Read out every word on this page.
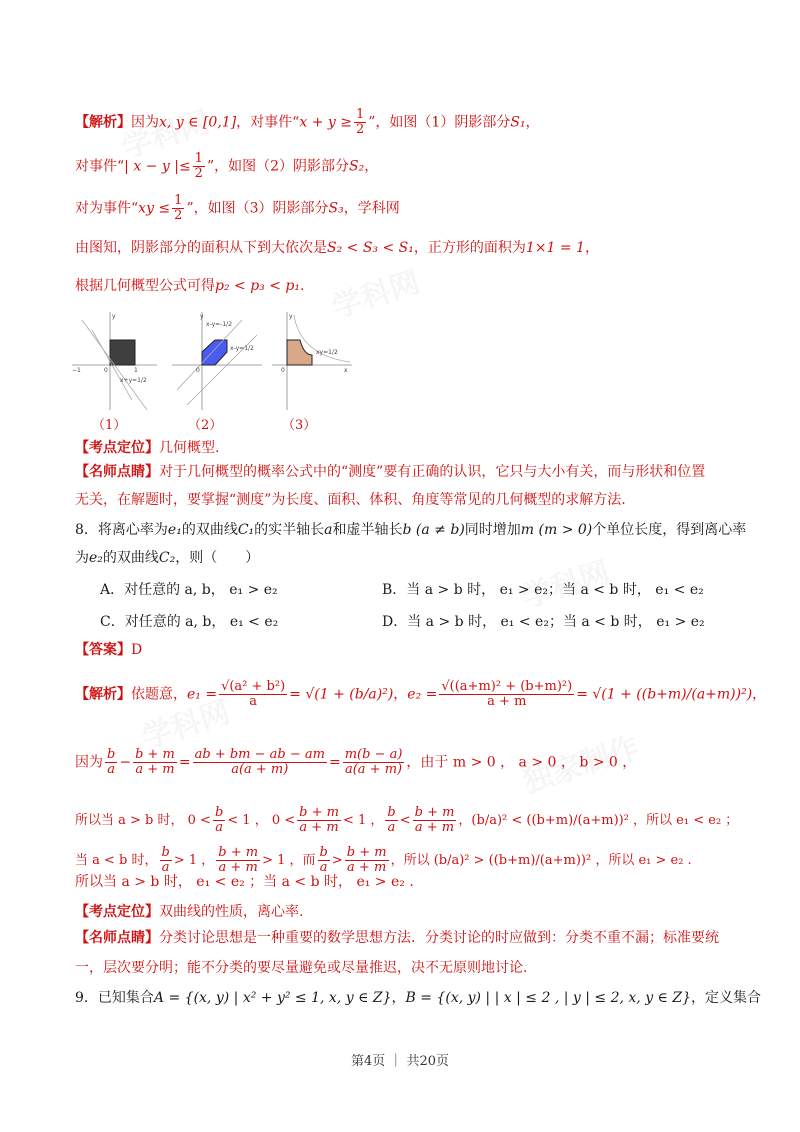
【解析】因为x, y ∈ [0,1]，对事件“$x + y \ge \frac{1}{2}$ ”，如图（1）阴影部分S₁，
对事件“| x − y |≤ $\frac{1}{2}$ ”，如图（2）阴影部分S₂，
对为事件“xy ≤ $\frac{1}{2}$ ”，如图（3）阴影部分S₃，学科网
由图知，阴影部分的面积从下到大依次是S₂ < S₃ < S₁，正方形的面积为1×1 = 1，
根据几何概型公式可得p₂ < p₃ < p₁.
−1	0	1
y
x+y=1/2
y
x-y=-1/2
x-y=1/2
0
y
xy=1/2
0	x
（1）	（2）	（3）
【考点定位】几何概型.
【名师点睛】对于几何概型的概率公式中的“测度”要有正确的认识，它只与大小有关，而与形状和位置
无关，在解题时，要掌握“测度”为长度、面积、体积、角度等常见的几何概型的求解方法.
8．将离心率为e₁的双曲线C₁的实半轴长a和虚半轴长b (a ≠ b)同时增加m (m > 0)个单位长度，得到离心率
为e₂的双曲线C₂，则（　　）
A．对任意的 a, b， e₁ > e₂	B．当 a > b 时， e₁ > e₂；当 a < b 时， e₁ < e₂
C．对任意的 a, b， e₁ < e₂	D．当 a > b 时， e₁ < e₂；当 a < b 时， e₁ > e₂
【答案】D
【解析】依题意，$e_1 = \frac{\text{√(a² + b²)}}{a} = √(1 + (b/a)^2)$，$e_2 = \frac{\text{√((a+m)² + (b+m)²)}}{a + m} = √(1 + ((b+m)/(a+m))^2)$，
因为 $\frac{b}{a} - \frac{b + m}{a + m} = \frac{ab + bm - ab - am}{a(a + m)} = \frac{m(b - a)}{a(a + m)}$ ，由于 m > 0 ， a > 0 ， b > 0 ，
所以当 a > b 时， $0 < \frac{b}{a} < 1$ ， $0 < \frac{b + m}{a + m} < 1$ ， $\frac{b}{a} < \frac{b + m}{a + m}$ ，(b/a)² < ((b+m)/(a+m))² ，所以 e₁ < e₂ ；
当 a < b 时， $\frac{b}{a} > 1$ ， $\frac{b + m}{a + m} > 1$ ，而 $\frac{b}{a} > \frac{b + m}{a + m}$ ，所以 (b/a)² > ((b+m)/(a+m))² ，所以 e₁ > e₂ .
所以当 a > b 时， e₁ < e₂ ；当 a < b 时， e₁ > e₂ .
【考点定位】双曲线的性质，离心率.
【名师点睛】分类讨论思想是一种重要的数学思想方法．分类讨论的时应做到：分类不重不漏；标准要统
一，层次要分明；能不分类的要尽量避免或尽量推迟，决不无原则地讨论.
9．已知集合A = {(x, y) | x² + y² ≤ 1, x, y ∈ Z}，B = {(x, y) | | x | ≤ 2 , | y | ≤ 2, x, y ∈ Z}，定义集合
第4页 ｜ 共20页
